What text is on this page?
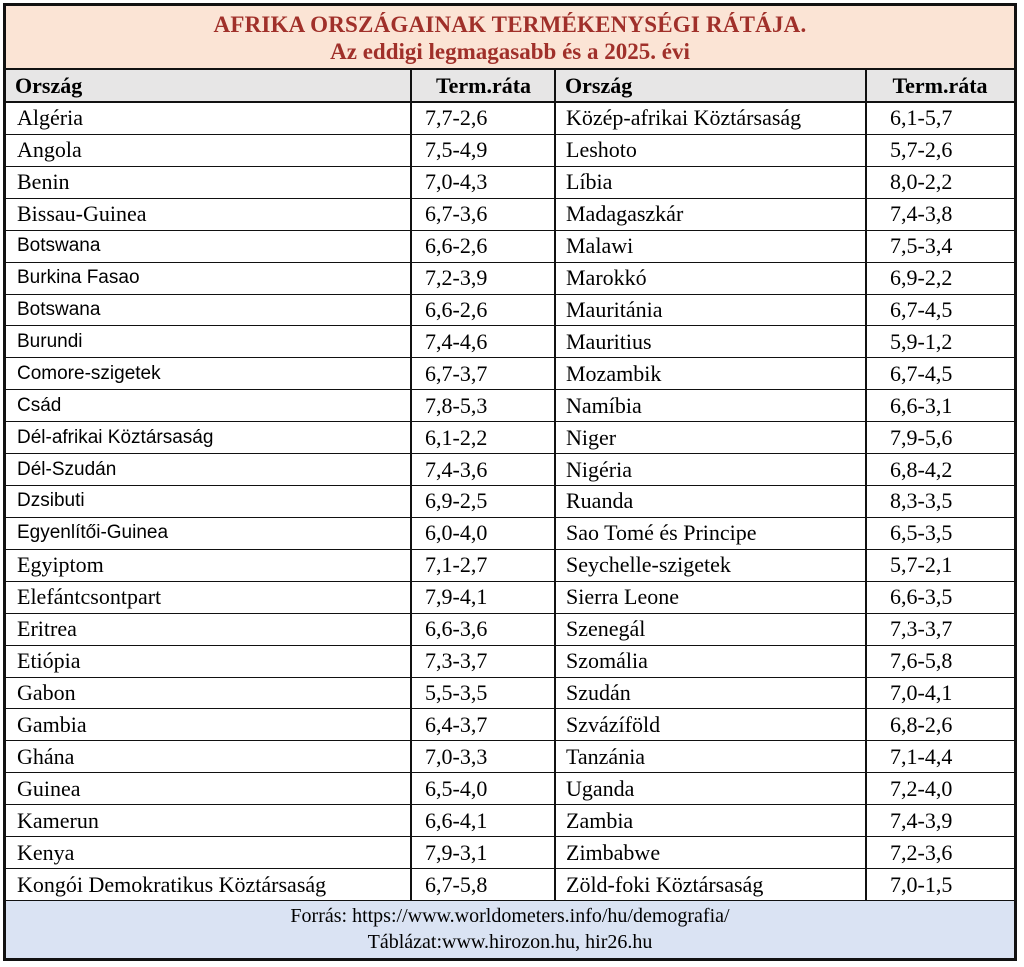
AFRIKA ORSZÁGAINAK TERMÉKENYSÉGI RÁTÁJA.
Az eddigi legmagasabb és a 2025. évi
Ország	Term.ráta	Ország	Term.ráta
Algéria	7,7-2,6	Közép-afrikai Köztársaság	6,1-5,7
Angola	7,5-4,9	Leshoto	5,7-2,6
Benin	7,0-4,3	Líbia	8,0-2,2
Bissau-Guinea	6,7-3,6	Madagaszkár	7,4-3,8
Botswana	6,6-2,6	Malawi	7,5-3,4
Burkina Fasao	7,2-3,9	Marokkó	6,9-2,2
Botswana	6,6-2,6	Mauritánia	6,7-4,5
Burundi	7,4-4,6	Mauritius	5,9-1,2
Comore-szigetek	6,7-3,7	Mozambik	6,7-4,5
Csád	7,8-5,3	Namíbia	6,6-3,1
Dél-afrikai Köztársaság	6,1-2,2	Niger	7,9-5,6
Dél-Szudán	7,4-3,6	Nigéria	6,8-4,2
Dzsibuti	6,9-2,5	Ruanda	8,3-3,5
Egyenlítői-Guinea	6,0-4,0	Sao Tomé és Principe	6,5-3,5
Egyiptom	7,1-2,7	Seychelle-szigetek	5,7-2,1
Elefántcsontpart	7,9-4,1	Sierra Leone	6,6-3,5
Eritrea	6,6-3,6	Szenegál	7,3-3,7
Etiópia	7,3-3,7	Szomália	7,6-5,8
Gabon	5,5-3,5	Szudán	7,0-4,1
Gambia	6,4-3,7	Szvázíföld	6,8-2,6
Ghána	7,0-3,3	Tanzánia	7,1-4,4
Guinea	6,5-4,0	Uganda	7,2-4,0
Kamerun	6,6-4,1	Zambia	7,4-3,9
Kenya	7,9-3,1	Zimbabwe	7,2-3,6
Kongói Demokratikus Köztársaság	6,7-5,8	Zöld-foki Köztársaság	7,0-1,5
Forrás: https://www.worldometers.info/hu/demografia/
Táblázat:www.hirozon.hu, hir26.hu
